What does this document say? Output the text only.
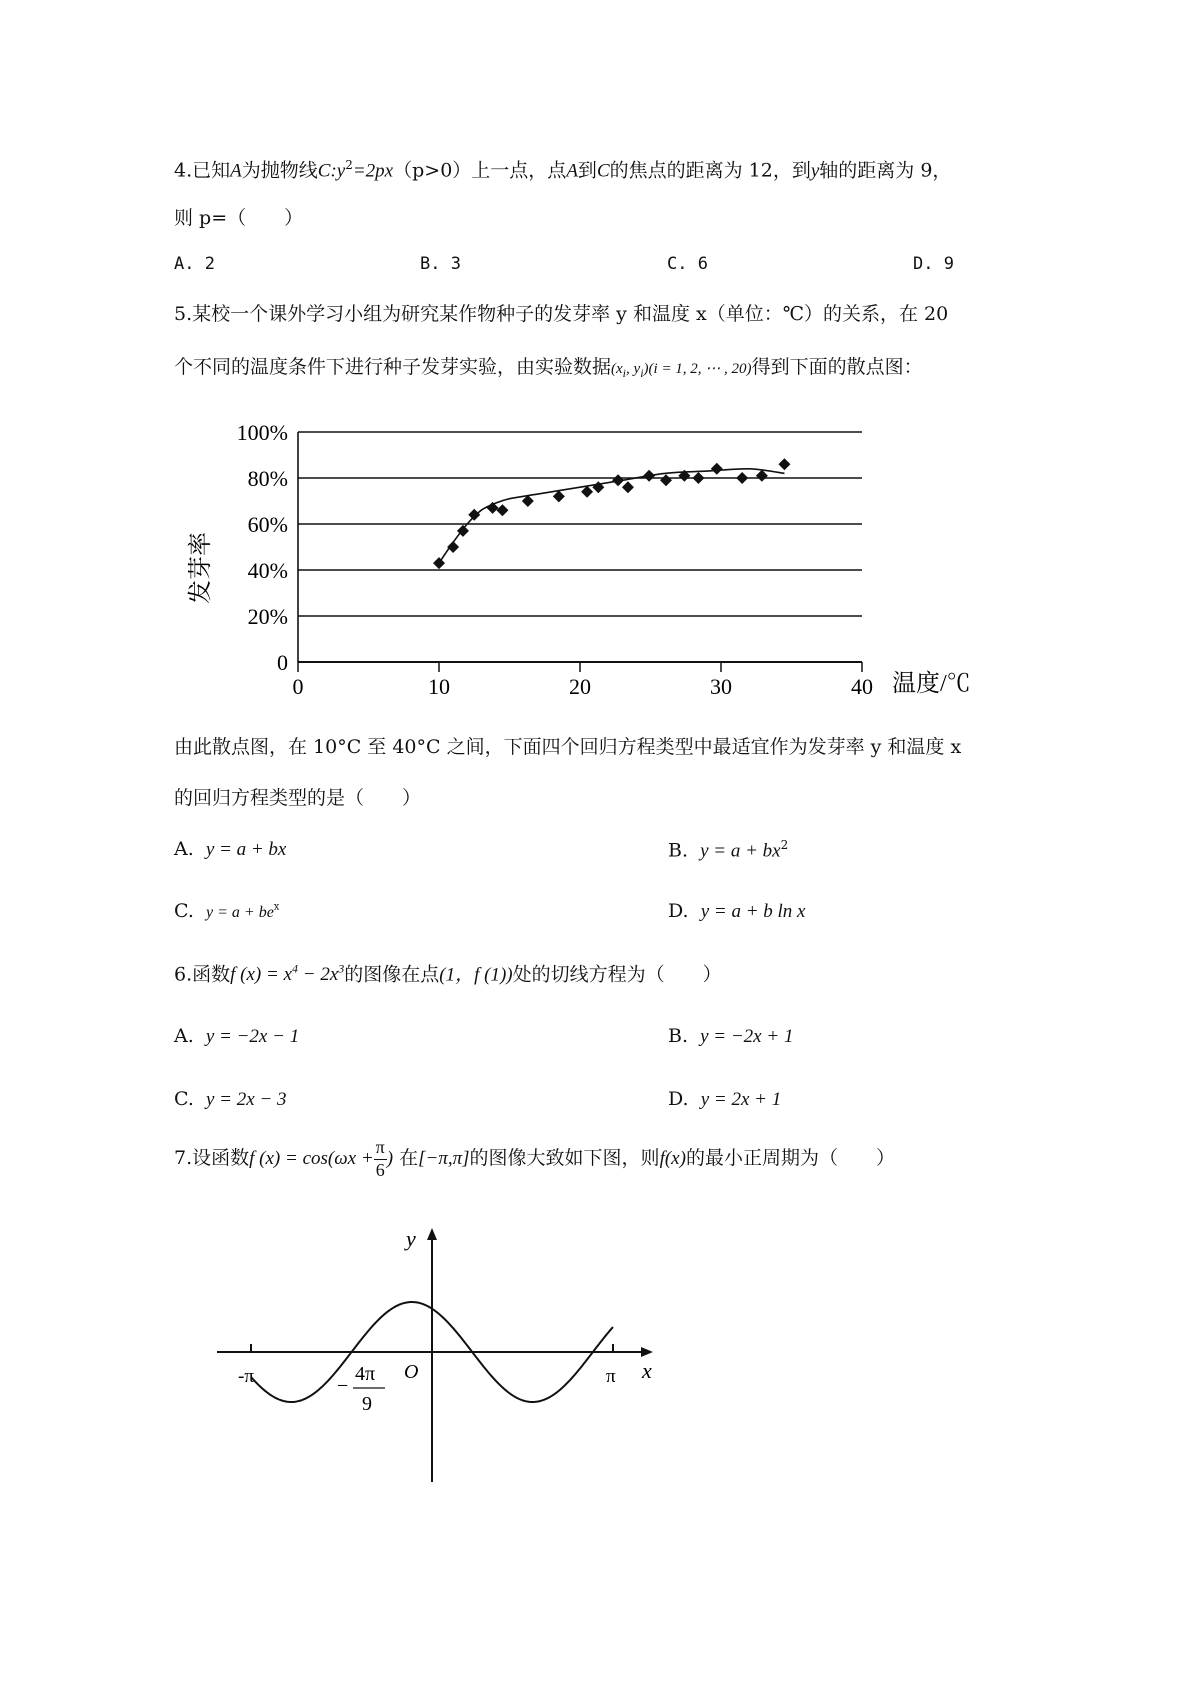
4.已知A为抛物线$C:y^2=2px(p>0)$上一点，点A到C的焦点的距离为 12，到y轴的距离为 9，
则 p=（　　）
A. 2	B. 3	C. 6	D. 9
5.某校一个课外学习小组为研究某作物种子的发芽率 y 和温度 x（单位：℃）的关系，在 20
个不同的温度条件下进行种子发芽实验，由实验数据($x_i$, $y_i)(i = 1$, 2, ⋯ , 20)得到下面的散点图：
0
20%
40%
60%
80%
100%
0	10	20	30	40
发芽率
温度/℃
由此散点图，在 10°C 至 40°C 之间，下面四个回归方程类型中最适宜作为发芽率 y 和温度 x
的回归方程类型的是（　　）
A. y = a + bx	B. $y = a + bx^2$
C. $y = a + be^x$	D. y = a + b ln x
6.函数f $(x) = x^4 - 2x^3$的图像在点(1，f (1))处的切线方程为（　　）
A. y = −2x − 1	B. y = −2x + 1
C. y = 2x − 3	D. y = 2x + 1
7.设函数f $(x) = \cos(\omega x + \frac{\pi}{6}$ ) 在[−π,π]的图像大致如下图，则f(x)的最小正周期为（　　）
y
x
O
-π	π
−
4π
9
